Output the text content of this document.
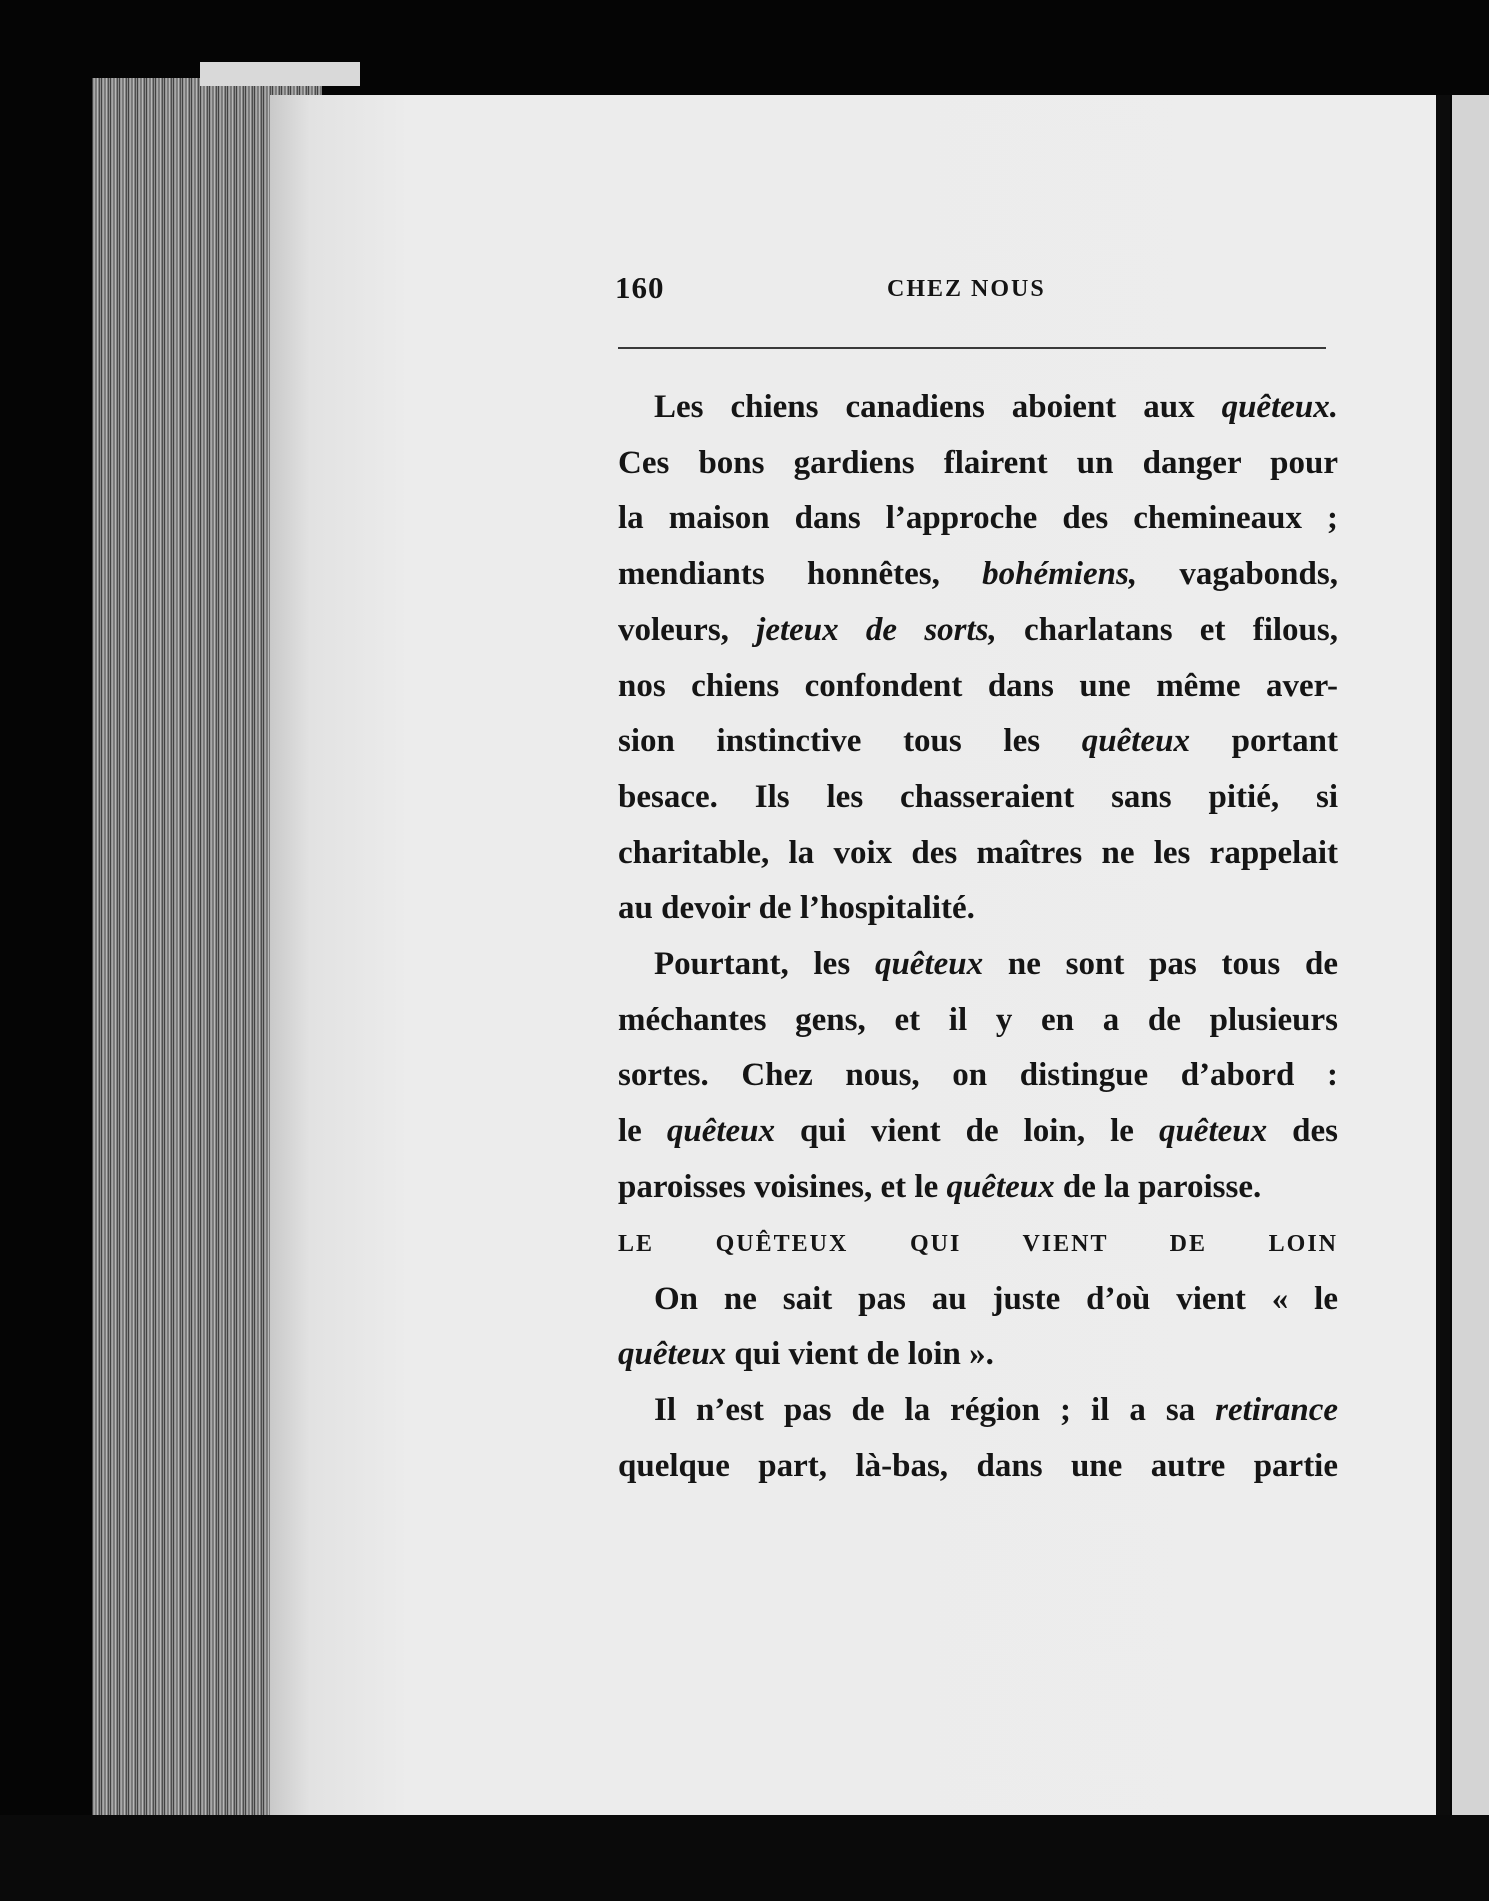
160	CHEZ NOUS

Les chiens canadiens aboient aux quêteux.

Ces bons gardiens flairent un danger pour

la maison dans l’approche des chemineaux ;

mendiants honnêtes, bohémiens, vagabonds,

voleurs, jeteux de sorts, charlatans et filous,

nos chiens confondent dans une même aver-

sion instinctive tous les quêteux portant

besace. Ils les chasseraient sans pitié, si

charitable, la voix des maîtres ne les rappelait

au devoir de l’hospitalité.

Pourtant, les quêteux ne sont pas tous de

méchantes gens, et il y en a de plusieurs

sortes. Chez nous, on distingue d’abord :

le quêteux qui vient de loin, le quêteux des

paroisses voisines, et le quêteux de la paroisse.

LE QUÊTEUX QUI VIENT DE LOIN

On ne sait pas au juste d’où vient « le

quêteux qui vient de loin ».

Il n’est pas de la région ; il a sa retirance

quelque part, là-bas, dans une autre partie
